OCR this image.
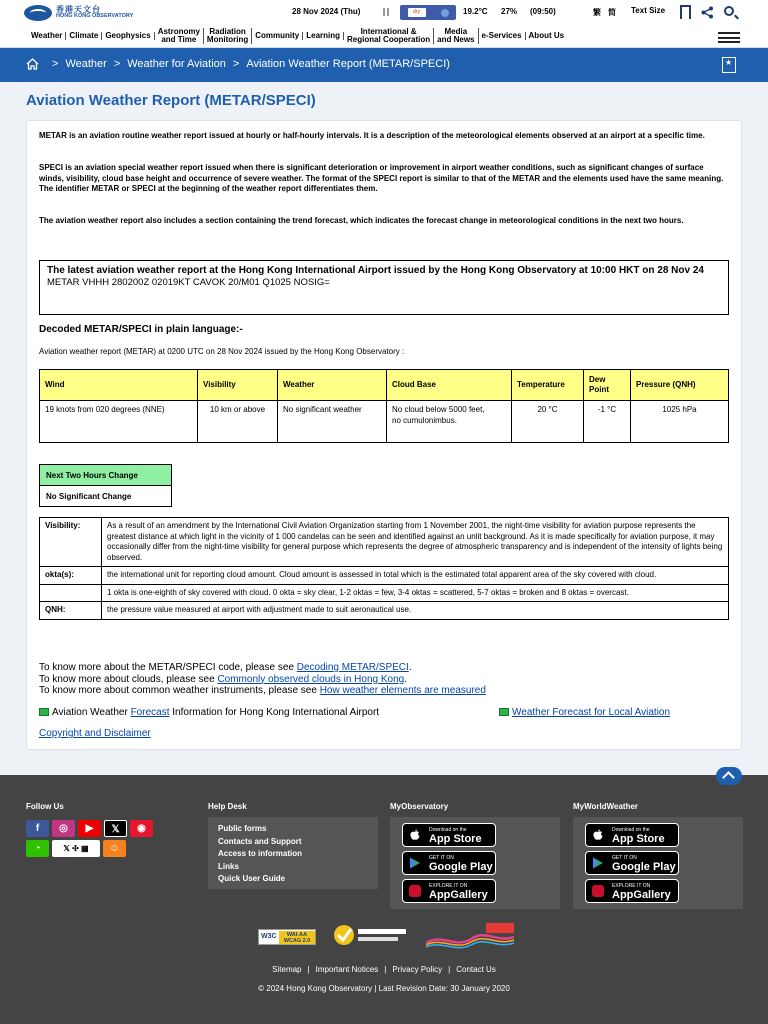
香港天文台
HONG KONG OBSERVATORY	28 Nov 2024 (Thu)	dry	19.2°C 27% (09:50)	繁 简 Text Size
Weather Climate Geophysics Astronomy
and Time
Radiation
Monitoring Community Learning	International &
Regional Cooperation
Media
and News e-Services About Us
> Weather > Weather for Aviation > Aviation Weather Report (METAR/SPECI)
★
Aviation Weather Report (METAR/SPECI)

METAR is an aviation routine weather report issued at hourly or half-hourly intervals. It is a description of the meteorological elements observed at an airport at a specific time.

SPECI is an aviation special weather report issued when there is significant deterioration or improvement in airport weather conditions, such as significant changes of surface winds, visibility, cloud base height and occurrence of severe weather. The format of the SPECI report is similar to that of the METAR and the elements used have the same meaning. The identifier METAR or SPECI at the beginning of the weather report differentiates them.

The aviation weather report also includes a section containing the trend forecast, which indicates the forecast change in meteorological conditions in the next two hours.

The latest aviation weather report at the Hong Kong International Airport issued by the Hong Kong Observatory at 10:00 HKT on 28 Nov 24
METAR VHHH 280200Z 02019KT CAVOK 20/M01 Q1025 NOSIG=
Decoded METAR/SPECI in plain language:-
Aviation weather report (METAR) at 0200 UTC on 28 Nov 2024 issued by the Hong Kong Observatory :
Wind	Visibility	Weather	Cloud Base	Temperature	Dew Point	Pressure (QNH)
19 knots from 020 degrees (NNE)	10 km or above	No significant weather	No cloud below 5000 feet,
no cumulonimbus.	20 °C	-1 °C	1025 hPa
Next Two Hours Change
No Significant Change
Visibility:	As a result of an amendment by the International Civil Aviation Organization starting from 1 November 2001, the night-time visibility for aviation purpose represents the greatest distance at which light in the vicinity of 1 000 candelas can be seen and identified against an unlit background. As it is made specifically for aviation purpose, it may occasionally differ from the night-time visibility for general purpose which represents the degree of atmospheric transparency and is independent of the intensity of lights being observed.
okta(s):	the international unit for reporting cloud amount. Cloud amount is assessed in total which is the estimated total apparent area of the sky covered with cloud.
	1 okta is one-eighth of sky covered with cloud. 0 okta = sky clear, 1-2 oktas = few, 3-4 oktas = scattered, 5-7 oktas = broken and 8 oktas = overcast.
QNH:	the pressure value measured at airport with adjustment made to suit aeronautical use.
To know more about the METAR/SPECI code, please see Decoding METAR/SPECI.
To know more about clouds, please see Commonly observed clouds in Hong Kong.
To know more about common weather instruments, please see How weather elements are measured
Aviation Weather Forecast Information for Hong Kong International Airport	Weather Forecast for Local Aviation
Copyright and Disclaimer
Follow Us	Help Desk	MyObservatory	MyWorldWeather
f ◎ ▶ 𝕏 ◉ ◔	𝕏 ✣ ▦ ☺
Public forms
Contacts and Support
Access to information
Links
Quick User Guide
Download on the
App Store
GET IT ON
Google Play
EXPLORE IT ON
AppGallery
Download on the
App Store
GET IT ON
Google Play
EXPLORE IT ON
AppGallery
W3C	WAI-AA WCAG 2.0
Sitemap | Important Notices | Privacy Policy | Contact Us
© 2024 Hong Kong Observatory | Last Revision Date: 30 January 2020
